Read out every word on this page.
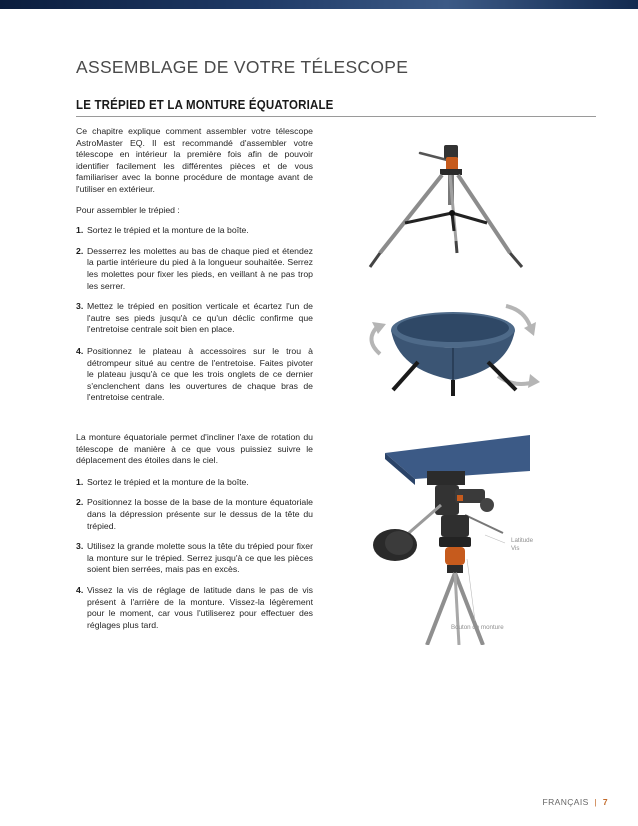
ASSEMBLAGE DE VOTRE TÉLESCOPE
LE TRÉPIED ET LA MONTURE ÉQUATORIALE

Ce chapitre explique comment assembler votre télescope AstroMaster EQ. Il est recommandé d'assembler votre télescope en intérieur la première fois afin de pouvoir identifier facilement les différentes pièces et de vous familiariser avec la bonne procédure de montage avant de l'utiliser en extérieur.

Pour assembler le trépied :

1. Sortez le trépied et la monture de la boîte.
2. Desserrez les molettes au bas de chaque pied et étendez la partie intérieure du pied à la longueur souhaitée. Serrez les molettes pour fixer les pieds, en veillant à ne pas trop les serrer.
3. Mettez le trépied en position verticale et écartez l'un de l'autre ses pieds jusqu'à ce qu'un déclic confirme que l'entretoise centrale soit bien en place.
4. Positionnez le plateau à accessoires sur le trou à détrompeur situé au centre de l'entretoise. Faites pivoter le plateau jusqu'à ce que les trois onglets de ce dernier s'enclenchent dans les ouvertures de chaque bras de l'entretoise centrale.

La monture équatoriale permet d'incliner l'axe de rotation du télescope de manière à ce que vous puissiez suivre le déplacement des étoiles dans le ciel.

1. Sortez le trépied et la monture de la boîte.
2. Positionnez la bosse de la base de la monture équatoriale dans la dépression présente sur le dessus de la tête du trépied.
3. Utilisez la grande molette sous la tête du trépied pour fixer la monture sur le trépied. Serrez jusqu'à ce que les pièces soient bien serrées, mais pas en excès.
4. Vissez la vis de réglage de latitude dans le pas de vis présent à l'arrière de la monture. Vissez-la légèrement pour le moment, car vous l'utiliserez pour effectuer des réglages plus tard.
Latitude
Vis
Bouton de monture
FRANÇAIS | 7
